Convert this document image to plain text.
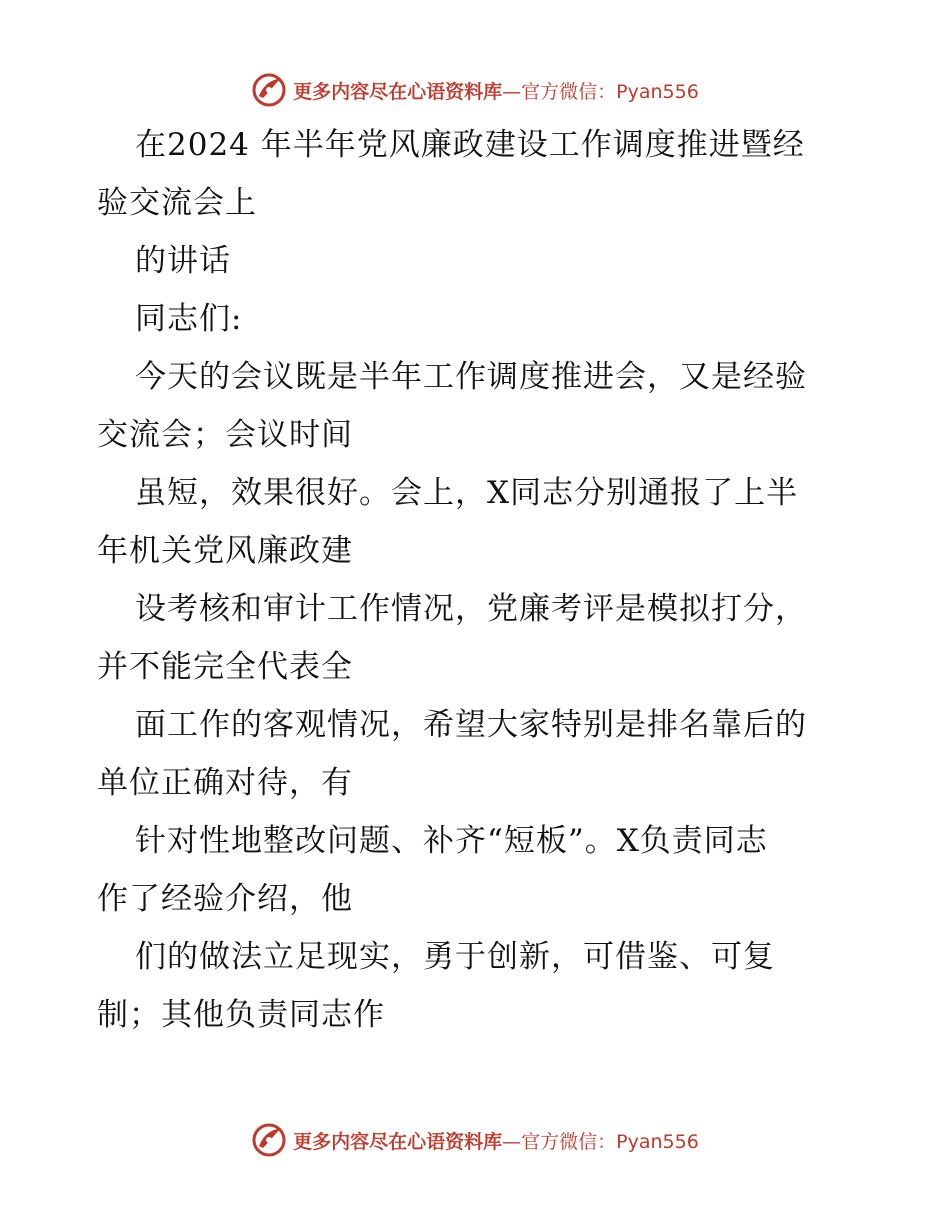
更多内容尽在心语资料库—官方微信：Pyan556
在2024 年半年党风廉政建设工作调度推进暨经
验交流会上
的讲话
同志们:
今天的会议既是半年工作调度推进会，又是经验
交流会；会议时间
虽短，效果很好。会上，X同志分别通报了上半
年机关党风廉政建
设考核和审计工作情况，党廉考评是模拟打分，
并不能完全代表全
面工作的客观情况，希望大家特别是排名靠后的
单位正确对待，有
针对性地整改问题、补齐“短板”。X负责同志
作了经验介绍，他
们的做法立足现实，勇于创新，可借鉴、可复
制；其他负责同志作
更多内容尽在心语资料库—官方微信：Pyan556
